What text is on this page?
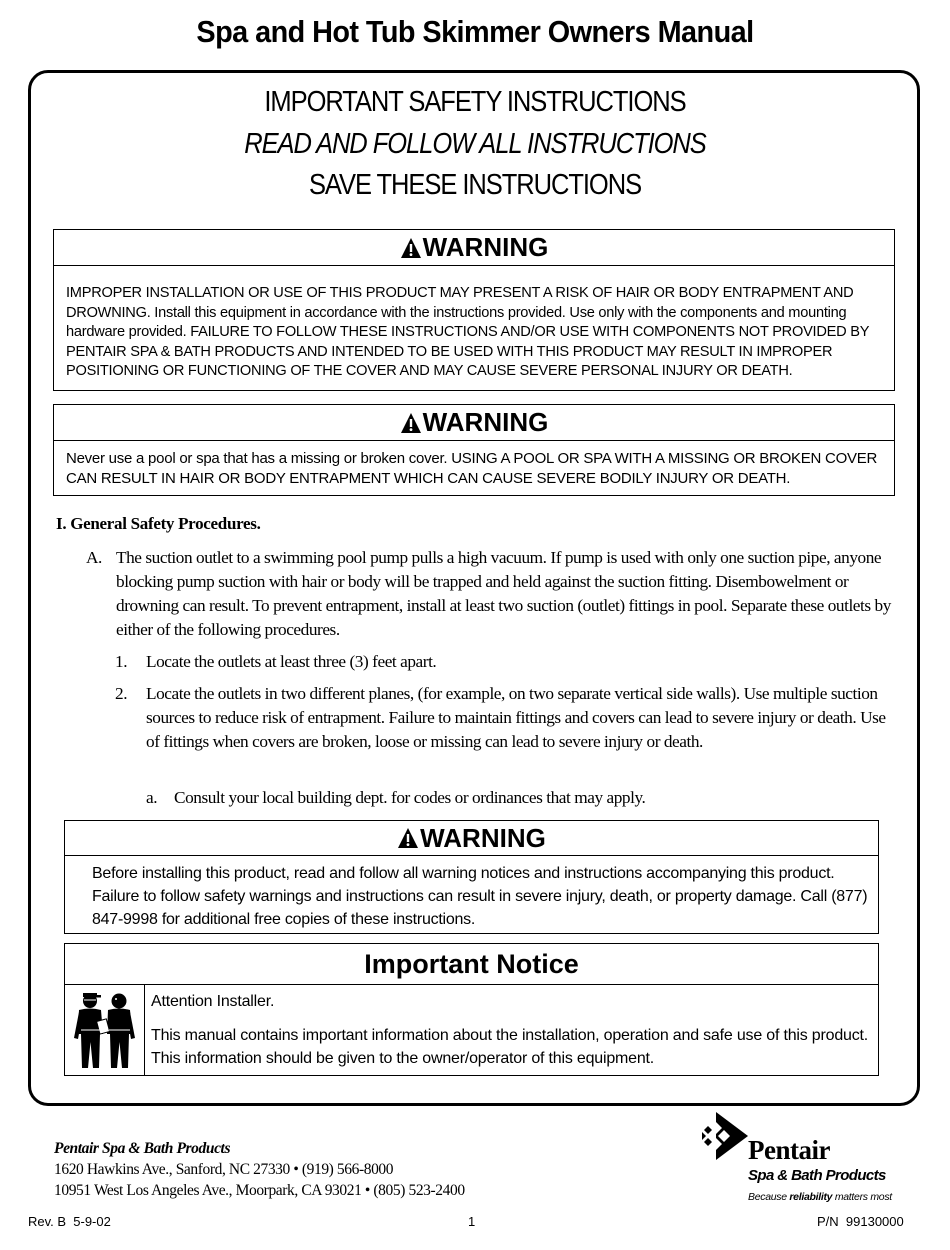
Spa and Hot Tub Skimmer Owners Manual
IMPORTANT SAFETY INSTRUCTIONS
READ AND FOLLOW ALL INSTRUCTIONS
SAVE THESE INSTRUCTIONS
WARNING
IMPROPER INSTALLATION OR USE OF THIS PRODUCT MAY PRESENT A RISK OF HAIR OR BODY ENTRAPMENT AND DROWNING. Install this equipment in accordance with the instructions provided. Use only with the components and mounting hardware provided. FAILURE TO FOLLOW THESE INSTRUCTIONS AND/OR USE WITH COMPONENTS NOT PROVIDED BY PENTAIR SPA & BATH PRODUCTS AND INTENDED TO BE USED WITH THIS PRODUCT MAY RESULT IN IMPROPER POSITIONING OR FUNCTIONING OF THE COVER AND MAY CAUSE SEVERE PERSONAL INJURY OR DEATH.
WARNING
Never use a pool or spa that has a missing or broken cover. USING A POOL OR SPA WITH A MISSING OR BROKEN COVER CAN RESULT IN HAIR OR BODY ENTRAPMENT WHICH CAN CAUSE SEVERE BODILY INJURY OR DEATH.
I. General Safety Procedures.
A. The suction outlet to a swimming pool pump pulls a high vacuum. If pump is used with only one suction pipe, anyone blocking pump suction with hair or body will be trapped and held against the suction fitting. Disembowelment or drowning can result. To prevent entrapment, install at least two suction (outlet) fittings in pool. Separate these outlets by either of the following procedures.
1. Locate the outlets at least three (3) feet apart.
2. Locate the outlets in two different planes, (for example, on two separate vertical side walls). Use multiple suction sources to reduce risk of entrapment. Failure to maintain fittings and covers can lead to severe injury or death. Use of fittings when covers are broken, loose or missing can lead to severe injury or death.
a. Consult your local building dept. for codes or ordinances that may apply.
WARNING
Before installing this product, read and follow all warning notices and instructions accompanying this product. Failure to follow safety warnings and instructions can result in severe injury, death, or property damage. Call (877) 847-9998 for additional free copies of these instructions.
Important Notice

Attention Installer.

This manual contains important information about the installation, operation and safe use of this product. This information should be given to the owner/operator of this equipment.

Pentair Spa & Bath Products
1620 Hawkins Ave., Sanford, NC 27330 • (919) 566-8000
10951 West Los Angeles Ave., Moorpark, CA 93021 • (805) 523-2400
Pentair
Spa & Bath Products
Because reliability matters most
Rev. B  5-9-02	1	P/N  99130000
